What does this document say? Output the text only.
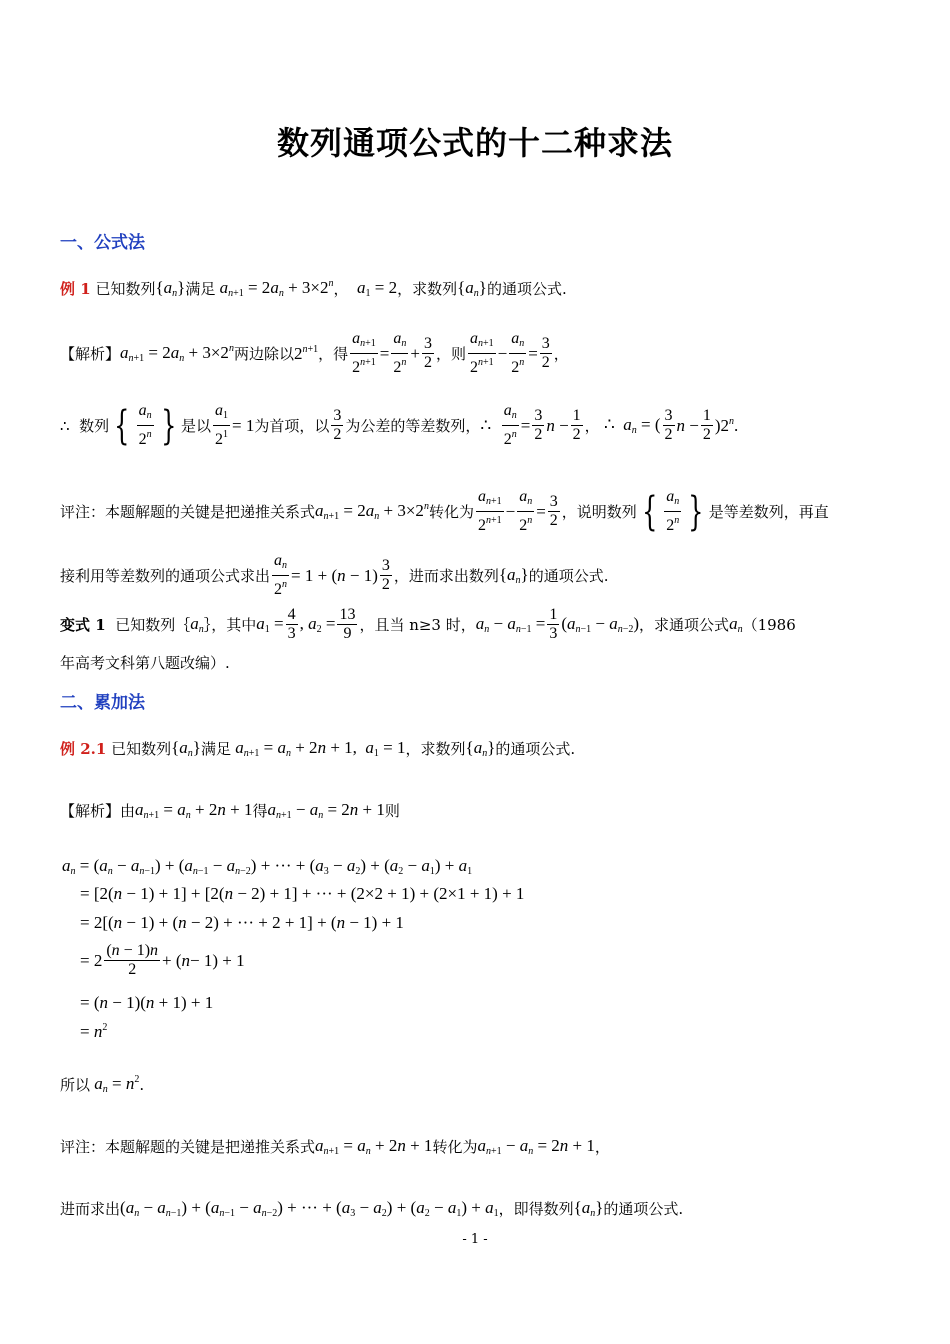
数列通项公式的十二种求法
一、公式法
例 1
已知数列 $\{a_n\}$ 满足 $a_{n+1} = 2a_n + 3\times 2^n$ ， $a_1 = 2$ ，求数列 $\{a_n\}$ 的通项公式.
【解析】 $a_{n+1} = 2a_n + 3\times 2^n$ 两边除以 $2^{n+1}$ ，得 $\frac{a_{n+1}}{2^{n+1}} = \frac{a_n}{2^n} + \frac{3}{2}$ ，则 $\frac{a_{n+1}}{2^{n+1}} - \frac{a_n}{2^n} = \frac{3}{2}$ ，
∴
数列 { $\frac{a_n}{2^n}$ } 是以 $\frac{a_1}{2^1} = 1$ 为首项，以 $\frac{3}{2}$ 为公差的等差数列， ∴ $\frac{a_n}{2^n} = \frac{3}{2}$ $n - \frac{1}{2}$ ， ∴  $a_n$ = ( $\frac{3}{2}$ $n - \frac{1}{2} )2^n$.
评注：本题解题的关键是把递推关系式 $a_{n+1} = 2a_n + 3\times 2^n$ 转化为 $\frac{a_{n+1}}{2^{n+1}} - \frac{a_n}{2^n} = \frac{3}{2}$ ，说明数列 { $\frac{a_n}{2^n}$ } 是等差数列，再直
接利用等差数列的通项公式求出 $\frac{a_n}{2^n} = 1 + (n - 1) \frac{3}{2}$ ，进而求出数列 $\{a_n\}$ 的通项公式.
变式 1
已知数列｛ $a_n$ ｝，其中 $a_1 = \frac{4}{3}$ , $a_2 = \frac{13}{9}$ ，且当 n≥3 时， $a_n - a_{n-1} = \frac{1}{3} (a_{n-1} - a_{n-2})$ ，求通项公式 $a_n$ （1986
年高考文科第八题改编）.
二、累加法
例 2.1
已知数列 $\{a_n\}$ 满足 $a_{n+1} = a_n + 2n + 1$,  $a_1 = 1$ ，求数列 $\{a_n\}$ 的通项公式.
【解析】 由 $a_{n+1} = a_n + 2n + 1$ 得 $a_{n+1} - a_n = 2n + 1$ 则
$a_n = (a_n - a_{n-1}) + (a_{n-1} - a_{n-2})$ + ··· + $(a_3 - a_2) + (a_2 - a_1) + a_1$
= [2(n − 1) + 1] + [2(n − 2) + 1] + ··· + (2×2 + 1) + (2×1 + 1) + 1
= 2[(n − 1) + (n − 2) + ··· + 2 + 1] + (n − 1) + 1
= $2 \frac{(n - 1)n}{2}$ + ( n − 1) + 1
= (n − 1)(n + 1) + 1
= $n^2$
所以 $a_n = n^2$ .
评注：本题解题的关键是把递推关系式 $a_{n+1} = a_n + 2n + 1$ 转化为 $a_{n+1} - a_n = 2n + 1$ ，
进而求出 $(a_n - a_{n-1}) + (a_{n-1} - a_{n-2})$ + ··· + $(a_3 - a_2) + (a_2 - a_1) + a_1$ ，即得数列 $\{a_n\}$ 的通项公式.
- 1 -
